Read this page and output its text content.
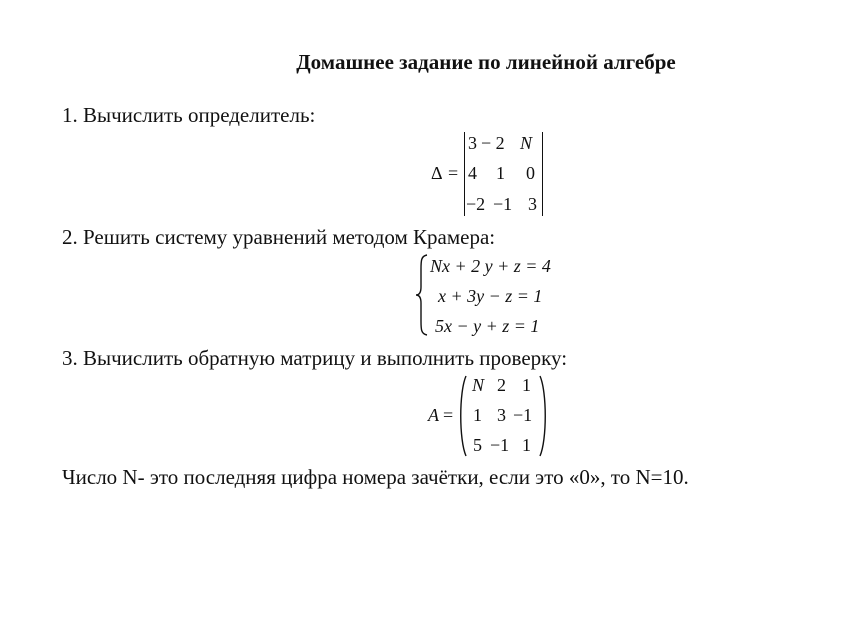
Домашнее задание по линейной алгебре
1. Вычислить определитель:
Δ =
3 − 2 N
4 1 0
−2 −1 3
2. Решить систему уравнений методом Крамера:
Nx + 2 y + z = 4
x + 3y − z = 1
5x − y + z = 1
3. Вычислить обратную матрицу и выполнить проверку:
A =
N 2 1
1 3 −1
5 −1 1
Число N- это последняя цифра номера зачётки, если это «0», то N=10.
